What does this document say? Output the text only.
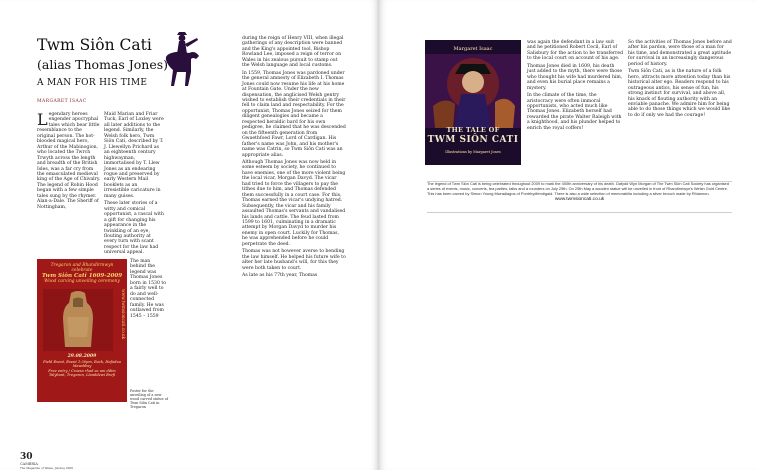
Twm Siôn Cati
(alias Thomas Jones)
A MAN FOR HIS TIME
MARGARET ISAAC
L egendary heroes engender apocryphal tales which bear little resemblance to the original person. The hot-blooded magical hero, Arthur of the Mabinogion, who located the Twrch Trwyth across the length and breadth of the British Isles, was a far cry from the emasculated medieval king of the Age of Chivalry. The legend of Robin Hood began with a few simple tales sung by the rhymer. Alan-a-Dale. The Sheriff of Nottingham,

Maid Marian and Friar Tuck, Earl of Loxley were all later additions to the legend. Similarly, the Welsh folk hero, Twm Siôn Cati, described by T. J. Llewellyn Prichard as an eighteenth century highwayman, immortalised by T. Llew Jones as an endearing rogue and preserved by early Western Mail booklets as an irresistible caricature in many guises.

These later stories of a witty and comical opportunist, a rascal with a gift for changing his appearance in the twinkling of an eye, flouting authority at every turn with scant respect for the law had universal appeal.

Tregaron and Rhandirmwyn celebrate
Twm Siôn Cati 1609-2009
Wood carving unveiling ceremony
www.twmsioncati.co.uk
29.08.2009
Field Event, Event 1:30pm, Rock, Hafodau Mawddwy
Free entry / Croeso rhad ac am ddim
Talybont, Tregaron, Llanddewi Brefi

The man behind the legend was Thomas Jones born in 1530 to a fairly well to do and well-connected family. He was outlawed from 1545 – 1559

Poster for the unveiling of a new wood carved statue of Twm Siôn Cati in Tregaron

during the reign of Henry VIII, when illegal gatherings of any description were banned and the King's appointed tool, Bishop Rowland Lee, imposed a reign of terror on Wales in his zealous pursuit to stamp out the Welsh language and local customs.

In 1559, Thomas Jones was pardoned under the general amnesty of Elizabeth I. Thomas Jones could now resume his life at his home at Fountain Gate. Under the new dispensation, the anglicised Welsh gentry wished to establish their credentials in their fell to claim land and respectability. For the opportunist, Thomas Jones seized for them diligent genealogies and became a respected heraldic bard for his own pedigree, he claimed that he was descended on the fifteenth generation from Gwaethfoed Fawr, Lord of Cardigan. His father's name was John, and his mother's name was Catrin, so Twm Siôn Cati was an appropriate alias.

Although Thomas Jones was now held in some esteem by society, he continued to have enemies, one of the more violent being the local vicar, Morgan Davyd. The vicar had tried to force the villagers to pay the tithes due to him, and Thomas defended them successfully in a court case. For this, Thomas earned the vicar's undying hatred. Subsequently, the vicar and his family assaulted Thomas's servants and vandalised his lands and cattle. The feud lasted from 1599 to 1601, culminating in a dramatic attempt by Morgan Davyd to murder his enemy in open court. Luckily for Thomas, he was apprehended before he could perpetrate the deed.

Thomas was not however averse to bending the law himself. He helped his future wife to alter her late husband's will, for this they were both taken to court.

As late as his 77th year, Thomas

30
CAMBRIA
The Magazine of Wales, Jul/Aug 2009
Margaret Isaac
THE TALE OF
TWM SIÔN CATI
Illustrations by Margaret Jones

was again the defendant in a law suit and he petitioned Robert Cecil, Earl of Salisbury for the action to be transferred to the local court on account of his age.

Thomas Jones died in 1609, his death just added to the myth, there were those who thought his wife had murdered him, and even his burial place remains a mystery.

In the climate of the time, the aristocracy were often immoral opportunists, who acted much like Thomas Jones. Elizabeth herself had rewarded the pirate Walter Raleigh with a knighthood, and his plunder helped to enrich the royal coffers!

So the activities of Thomas Jones before and after his pardon, were those of a man for his time, and demonstrated a great aptitude for survival in an increasingly dangerous period of history.

Twm Siôn Cati, as is the nature of a folk hero, attracts more attention today than his historical alter ego. Readers respond to his outrageous antics, his sense of fun, his strong instinct for survival, and above all, his knack of flouting authority with an enviable panache. We admire him for being able to do those things which we would like to do if only we had the courage!

The legend of Twm Siôn Cati is being celebrated throughout 2009 to mark the 400th anniversary of his death. Dafydd Wyn Morgan of The Twm Siôn Cati Society has organised a series of events, music, concerts, tea parties, talks and a rounders on July 25th. On 25th May a wooden statue will be unveiled in front of Rhandirmwyn's Welsh Gold Centre. This has been carved by Simon Young Mwradiagos of Pontrhydfendigaid. There is also a wide selection of memorabilia including a silver brooch made by Rhiannon.
www.twmsioncati.co.uk
